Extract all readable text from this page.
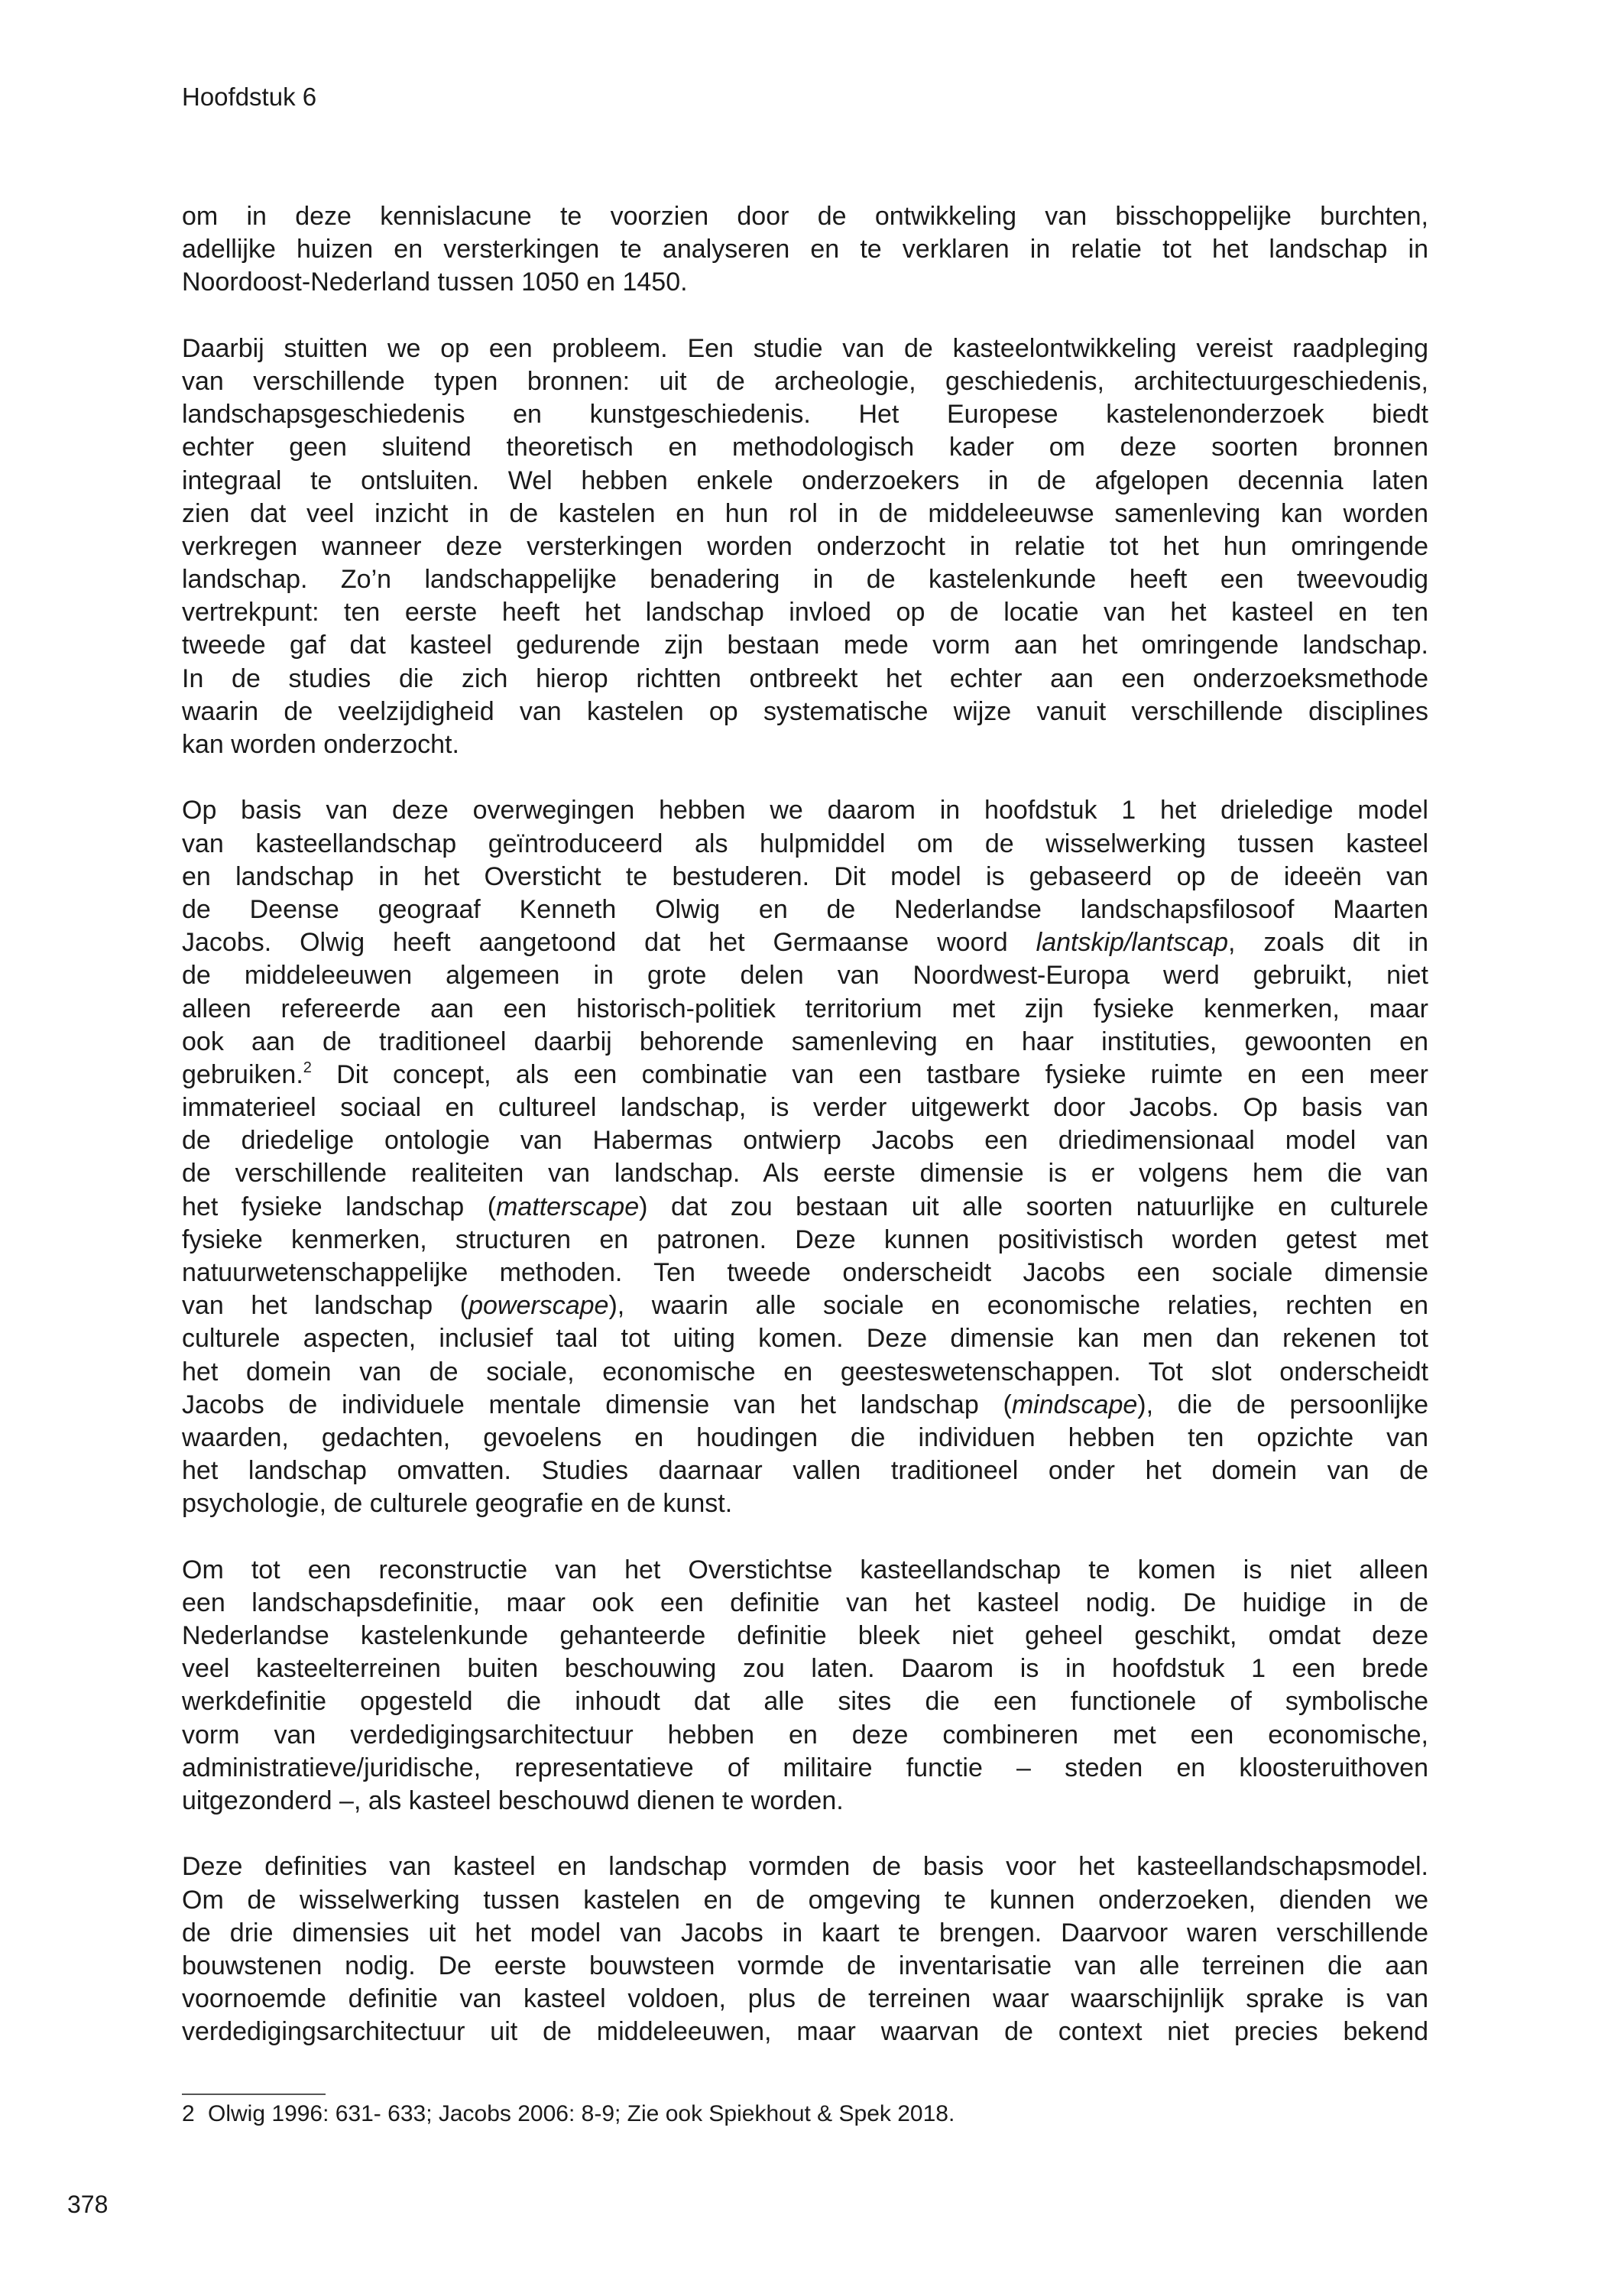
Hoofdstuk 6
om in deze kennislacune te voorzien door de ontwikkeling van bisschoppelijke burchten,
adellijke huizen en versterkingen te analyseren en te verklaren in relatie tot het landschap in
Noordoost-Nederland tussen 1050 en 1450.
Daarbij stuitten we op een probleem. Een studie van de kasteelontwikkeling vereist raadpleging
van verschillende typen bronnen: uit de archeologie, geschiedenis, architectuurgeschiedenis,
landschapsgeschiedenis en kunstgeschiedenis. Het Europese kastelenonderzoek biedt
echter geen sluitend theoretisch en methodologisch kader om deze soorten bronnen
integraal te ontsluiten. Wel hebben enkele onderzoekers in de afgelopen decennia laten
zien dat veel inzicht in de kastelen en hun rol in de middeleeuwse samenleving kan worden
verkregen wanneer deze versterkingen worden onderzocht in relatie tot het hun omringende
landschap. Zo’n landschappelijke benadering in de kastelenkunde heeft een tweevoudig
vertrekpunt: ten eerste heeft het landschap invloed op de locatie van het kasteel en ten
tweede gaf dat kasteel gedurende zijn bestaan mede vorm aan het omringende landschap.
In de studies die zich hierop richtten ontbreekt het echter aan een onderzoeksmethode
waarin de veelzijdigheid van kastelen op systematische wijze vanuit verschillende disciplines
kan worden onderzocht.
Op basis van deze overwegingen hebben we daarom in hoofdstuk 1 het drieledige model
van kasteellandschap geïntroduceerd als hulpmiddel om de wisselwerking tussen kasteel
en landschap in het Oversticht te bestuderen. Dit model is gebaseerd op de ideeën van
de Deense geograaf Kenneth Olwig en de Nederlandse landschapsfilosoof Maarten
Jacobs. Olwig heeft aangetoond dat het Germaanse woord lantskip/lantscap, zoals dit in
de middeleeuwen algemeen in grote delen van Noordwest-Europa werd gebruikt, niet
alleen refereerde aan een historisch-politiek territorium met zijn fysieke kenmerken, maar
ook aan de traditioneel daarbij behorende samenleving en haar instituties, gewoonten en
gebruiken.$^2$ Dit concept, als een combinatie van een tastbare fysieke ruimte en een meer
immaterieel sociaal en cultureel landschap, is verder uitgewerkt door Jacobs. Op basis van
de driedelige ontologie van Habermas ontwierp Jacobs een driedimensionaal model van
de verschillende realiteiten van landschap. Als eerste dimensie is er volgens hem die van
het fysieke landschap (matterscape) dat zou bestaan uit alle soorten natuurlijke en culturele
fysieke kenmerken, structuren en patronen. Deze kunnen positivistisch worden getest met
natuurwetenschappelijke methoden. Ten tweede onderscheidt Jacobs een sociale dimensie
van het landschap (powerscape), waarin alle sociale en economische relaties, rechten en
culturele aspecten, inclusief taal tot uiting komen. Deze dimensie kan men dan rekenen tot
het domein van de sociale, economische en geesteswetenschappen. Tot slot onderscheidt
Jacobs de individuele mentale dimensie van het landschap (mindscape), die de persoonlijke
waarden, gedachten, gevoelens en houdingen die individuen hebben ten opzichte van
het landschap omvatten. Studies daarnaar vallen traditioneel onder het domein van de
psychologie, de culturele geografie en de kunst.
Om tot een reconstructie van het Overstichtse kasteellandschap te komen is niet alleen
een landschapsdefinitie, maar ook een definitie van het kasteel nodig. De huidige in de
Nederlandse kastelenkunde gehanteerde definitie bleek niet geheel geschikt, omdat deze
veel kasteelterreinen buiten beschouwing zou laten. Daarom is in hoofdstuk 1 een brede
werkdefinitie opgesteld die inhoudt dat alle sites die een functionele of symbolische
vorm van verdedigingsarchitectuur hebben en deze combineren met een economische,
administratieve/juridische, representatieve of militaire functie – steden en kloosteruithoven
uitgezonderd –, als kasteel beschouwd dienen te worden.
Deze definities van kasteel en landschap vormden de basis voor het kasteellandschapsmodel.
Om de wisselwerking tussen kastelen en de omgeving te kunnen onderzoeken, dienden we
de drie dimensies uit het model van Jacobs in kaart te brengen. Daarvoor waren verschillende
bouwstenen nodig. De eerste bouwsteen vormde de inventarisatie van alle terreinen die aan
voornoemde definitie van kasteel voldoen, plus de terreinen waar waarschijnlijk sprake is van
verdedigingsarchitectuur uit de middeleeuwen, maar waarvan de context niet precies bekend
2 Olwig 1996: 631- 633; Jacobs 2006: 8-9; Zie ook Spiekhout & Spek 2018.
378
